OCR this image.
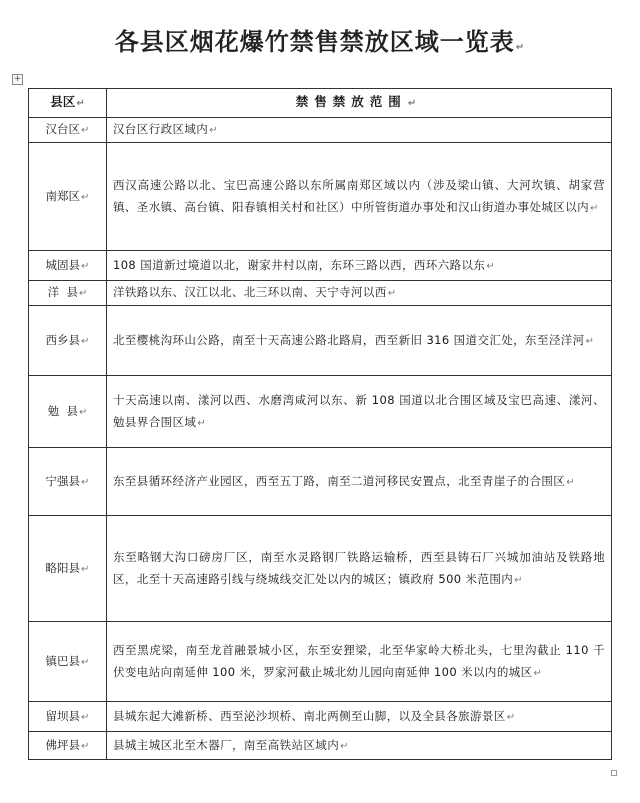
各县区烟花爆竹禁售禁放区域一览表↵
+
县区↵	禁售禁放范围↵
汉台区↵	汉台区行政区域内↵
南郑区↵	西汉高速公路以北、宝巴高速公路以东所属南郑区域以内（涉及梁山镇、大河坎镇、胡家营镇、圣水镇、高台镇、阳春镇相关村和社区）中所管街道办事处和汉山街道办事处城区以内↵
城固县↵	108 国道新过境道以北，谢家井村以南，东环三路以西，西环六路以东↵
洋  县↵	洋铁路以东、汉江以北、北三环以南、天宁寺河以西↵
西乡县↵	北至樱桃沟环山公路，南至十天高速公路北路肩，西至新旧 316 国道交汇处，东至泾洋河↵
勉  县↵	十天高速以南、漾河以西、水磨湾咸河以东、新 108 国道以北合围区域及宝巴高速、漾河、勉县界合围区域↵
宁强县↵	东至县循环经济产业园区，西至五丁路，南至二道河移民安置点，北至青崖子的合围区↵
略阳县↵	东至略钢大沟口磅房厂区，南至水灵路钢厂铁路运输桥，西至县铸石厂兴城加油站及铁路地区，北至十天高速路引线与绕城线交汇处以内的城区；镇政府 500 米范围内↵
镇巴县↵	西至黑虎梁，南至龙首融景城小区，东至安狸梁，北至华家岭大桥北头，七里沟截止 110 千伏变电站向南延伸 100 米，罗家河截止城北幼儿园向南延伸 100 米以内的城区↵
留坝县↵	县城东起大滩新桥、西至泌沙坝桥、南北两侧至山脚，以及全县各旅游景区↵
佛坪县↵	县城主城区北至木器厂，南至高铁站区域内↵
